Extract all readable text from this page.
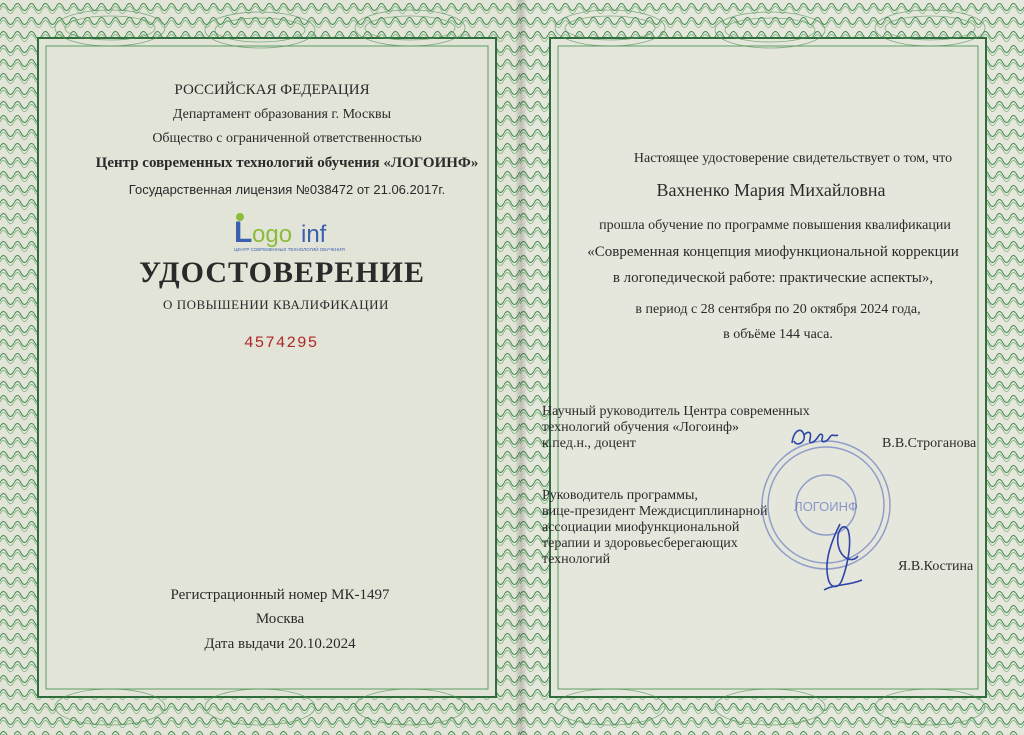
РОССИЙСКАЯ ФЕДЕРАЦИЯ
Департамент образования г. Москвы
Общество с ограниченной ответственностью
Центр современных технологий обучения «ЛОГОИНФ»
Государственная лицензия №038472 от 21.06.2017г.
L ogo inf
ЦЕНТР СОВРЕМЕННЫХ ТЕХНОЛОГИЙ ОБУЧЕНИЯ
УДОСТОВЕРЕНИЕ
О ПОВЫШЕНИИ КВАЛИФИКАЦИИ
4574295
Регистрационный номер МК-1497
Москва
Дата выдачи 20.10.2024
Настоящее удостоверение свидетельствует о том, что
Вахненко Мария Михайловна
прошла обучение по программе повышения квалификации
«Современная концепция миофункциональной коррекции
в логопедической работе: практические аспекты»,
в период с 28 сентября по 20 октября 2024 года,
в объёме 144 часа.
Научный руководитель Центра современных
технологий обучения «Логоинф»
к.пед.н., доцент	В.В.Строганова
Руководитель программы,
вице-президент Междисциплинарной
ассоциации миофункциональной
терапии и здоровьесберегающих
технологий	Я.В.Костина
ЛОГОИНФ
